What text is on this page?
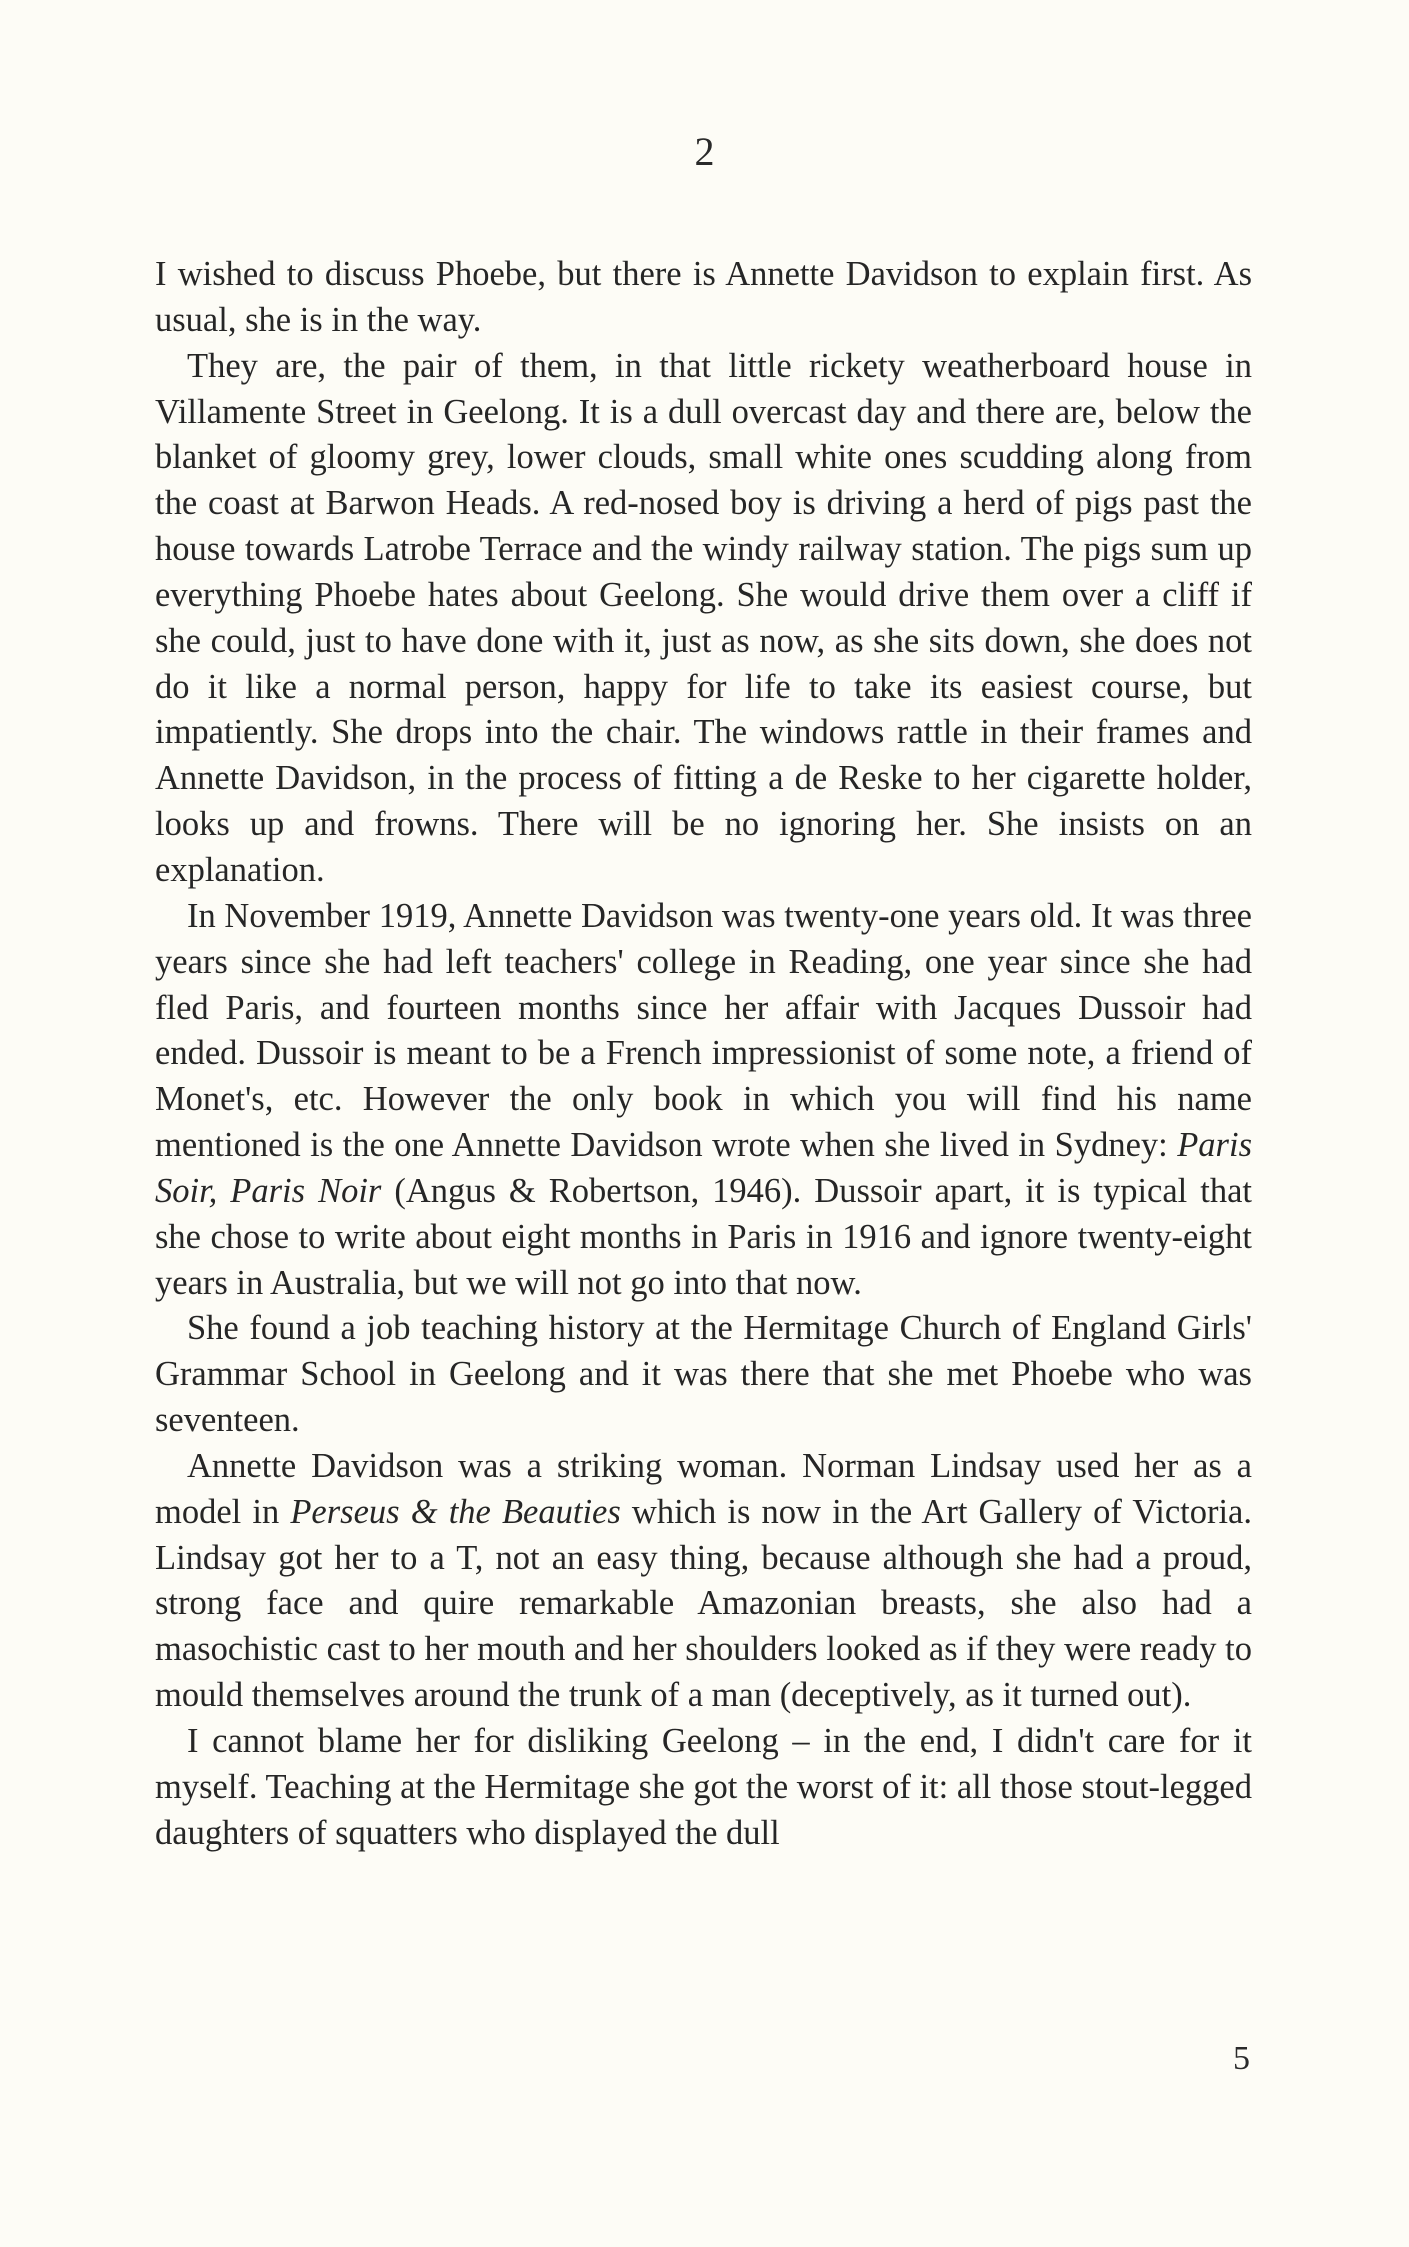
2

I wished to discuss Phoebe, but there is Annette Davidson to explain first. As usual, she is in the way.

They are, the pair of them, in that little rickety weatherboard house in Villamente Street in Geelong. It is a dull overcast day and there are, below the blanket of gloomy grey, lower clouds, small white ones scudding along from the coast at Barwon Heads. A red-nosed boy is driving a herd of pigs past the house towards Latrobe Terrace and the windy railway station. The pigs sum up everything Phoebe hates about Geelong. She would drive them over a cliff if she could, just to have done with it, just as now, as she sits down, she does not do it like a normal person, happy for life to take its easiest course, but impatiently. She drops into the chair. The windows rattle in their frames and Annette Davidson, in the process of fitting a de Reske to her cigarette holder, looks up and frowns. There will be no ignoring her. She insists on an explanation.

In November 1919, Annette Davidson was twenty-one years old. It was three years since she had left teachers' college in Reading, one year since she had fled Paris, and fourteen months since her affair with Jacques Dussoir had ended. Dussoir is meant to be a French impressionist of some note, a friend of Monet's, etc. However the only book in which you will find his name mentioned is the one Annette Davidson wrote when she lived in Sydney: Paris Soir, Paris Noir (Angus & Robertson, 1946). Dussoir apart, it is typical that she chose to write about eight months in Paris in 1916 and ignore twenty-eight years in Australia, but we will not go into that now.

She found a job teaching history at the Hermitage Church of England Girls' Grammar School in Geelong and it was there that she met Phoebe who was seventeen.

Annette Davidson was a striking woman. Norman Lindsay used her as a model in Perseus & the Beauties which is now in the Art Gallery of Victoria. Lindsay got her to a T, not an easy thing, because although she had a proud, strong face and quire remarkable Amazonian breasts, she also had a masochistic cast to her mouth and her shoulders looked as if they were ready to mould themselves around the trunk of a man (deceptively, as it turned out).

I cannot blame her for disliking Geelong – in the end, I didn't care for it myself. Teaching at the Hermitage she got the worst of it: all those stout-legged daughters of squatters who displayed the dull

5
